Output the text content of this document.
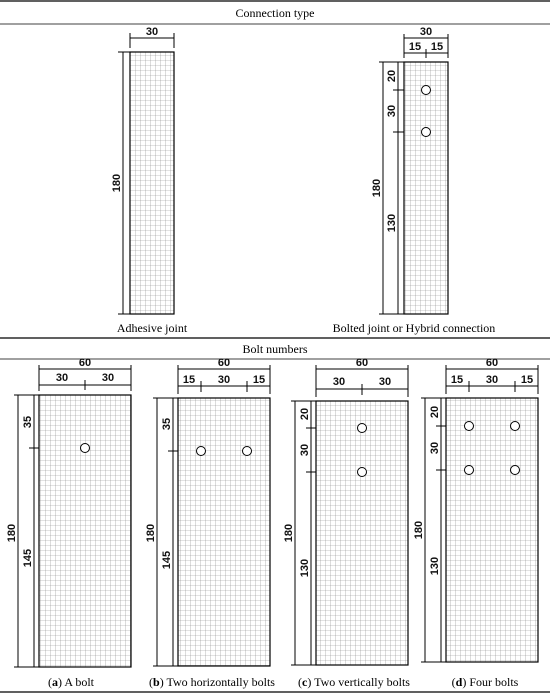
Connection type
Bolt numbers
30
180
Adhesive joint
30
15 15
20
30
130
180
Bolted joint or Hybrid connection
60
30	30
35
145
180
(a) A bolt
60
15 30 15
35
145
180
(b) Two horizontally bolts
60
30	30
20
30
130
180
(c) Two vertically bolts
60
15 30 15
20
30
130
180
(d) Four bolts
